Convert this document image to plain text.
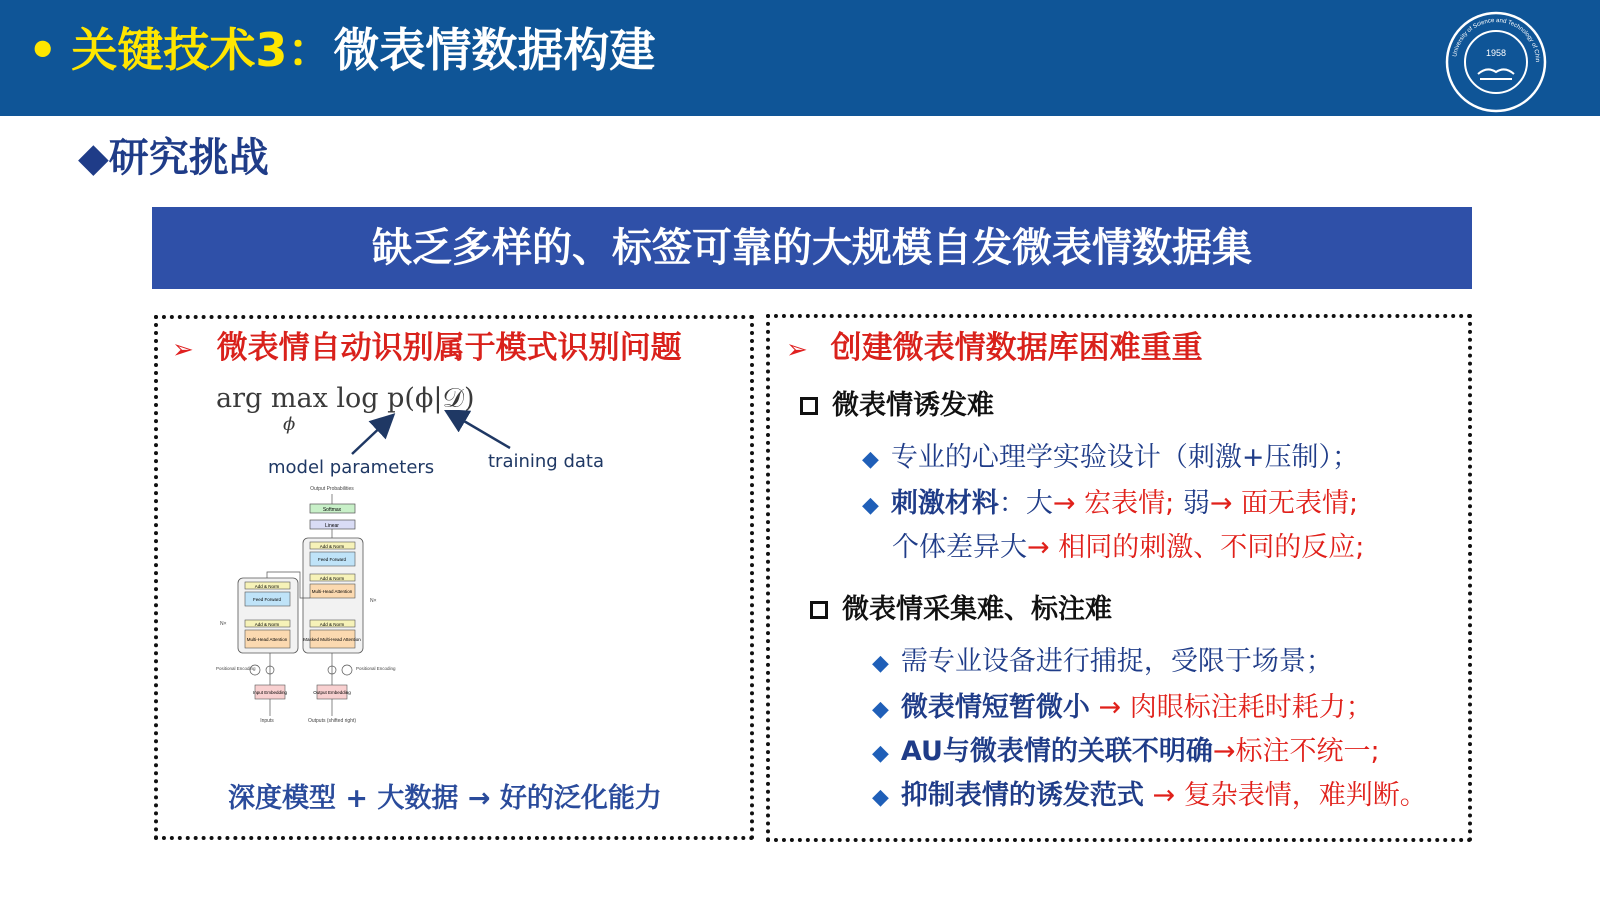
• 关键技术3：微表情数据构建	University of Science and Technology of Chin
1958
◆研究挑战
缺乏多样的、标签可靠的大规模自发微表情数据集
➢ 微表情自动识别属于模式识别问题
arg max log p(ϕ|𝒟)
ϕ
model parameters	training data
Output Probabilities
Softmax
Linear
Add & Norm
Feed Forward
Add & Norm
Multi-Head Attention
Add & Norm
Masked Multi-Head Attention
N×
Add & Norm
Feed Forward
Add & Norm
Multi-Head Attention
N×
Positional Encoding	Positional Encoding
Input Embedding	Output Embedding
Inputs	Outputs (shifted right)
深度模型 + 大数据 → 好的泛化能力
➢ 创建微表情数据库困难重重
微表情诱发难
◆ 专业的心理学实验设计（刺激+压制）；
◆ 刺激材料：大→ 宏表情; 弱→ 面无表情;
个体差异大→ 相同的刺激、不同的反应;
微表情采集难、标注难
◆ 需专业设备进行捕捉，受限于场景；
◆ 微表情短暂微小 → 肉眼标注耗时耗力；
◆ AU与微表情的关联不明确→标注不统一;
◆ 抑制表情的诱发范式 → 复杂表情，难判断。
